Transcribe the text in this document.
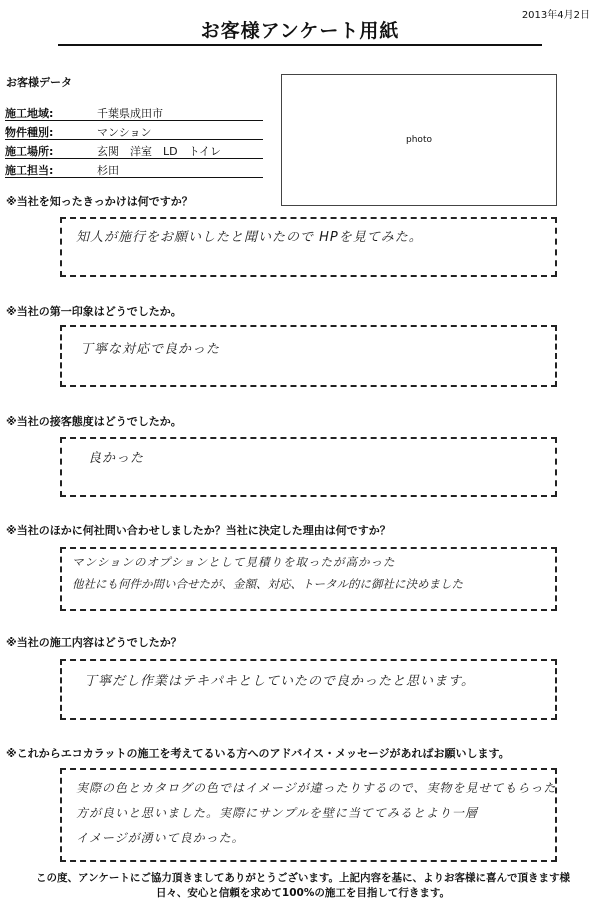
2013年4月2日
お客様アンケート用紙
お客様データ
施工地域:	千葉県成田市
物件種別:	マンション
施工場所:	玄関　洋室　LD　トイレ
施工担当:	杉田
photo
※当社を知ったきっかけは何ですか？
知人が施行をお願いしたと聞いたので HPを見てみた。
※当社の第一印象はどうでしたか。
丁寧な対応で良かった
※当社の接客態度はどうでしたか。
良かった
※当社のほかに何社問い合わせしましたか？当社に決定した理由は何ですか？
マンションのオプションとして見積りを取ったが高かった
他社にも何件か問い合せたが、金額、対応、トータル的に御社に決めました
※当社の施工内容はどうでしたか？
丁寧だし作業はテキパキとしていたので良かったと思います。
※これからエコカラットの施工を考えてるいる方へのアドバイス・メッセージがあればお願いします。
実際の色とカタログの色ではイメージが違ったりするので、実物を見せてもらった
方が良いと思いました。実際にサンプルを壁に当ててみるとより一層
イメージが湧いて良かった。
この度、アンケートにご協力頂きましてありがとうございます。上記内容を基に、よりお客様に喜んで頂きます様
日々、安心と信頼を求めて100%の施工を目指して行きます。
